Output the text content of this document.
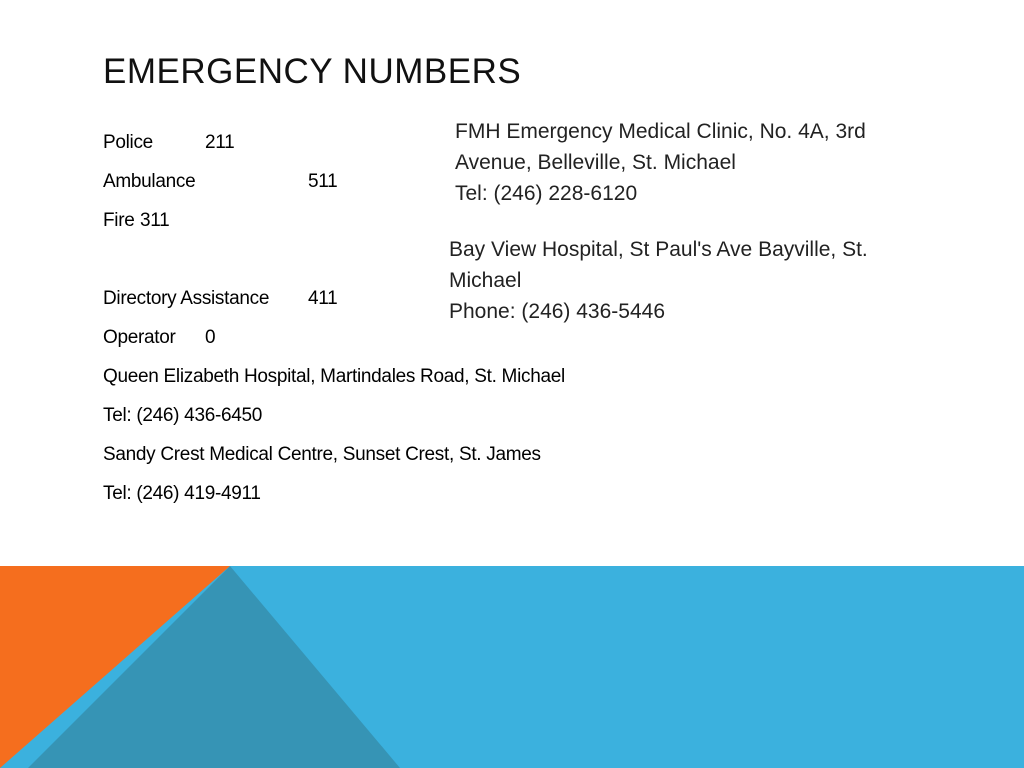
EMERGENCY NUMBERS
Police	211
Ambulance	511
Fire 311
Directory Assistance 411
Operator 0
Queen Elizabeth Hospital, Martindales Road, St. Michael
Tel: (246) 436-6450
Sandy Crest Medical Centre, Sunset Crest, St. James
Tel: (246) 419-4911
FMH Emergency Medical Clinic, No. 4A, 3rd
Avenue, Belleville, St. Michael
Tel: (246) 228-6120
Bay View Hospital, St Paul's Ave Bayville, St.
Michael
Phone: (246) 436-5446
